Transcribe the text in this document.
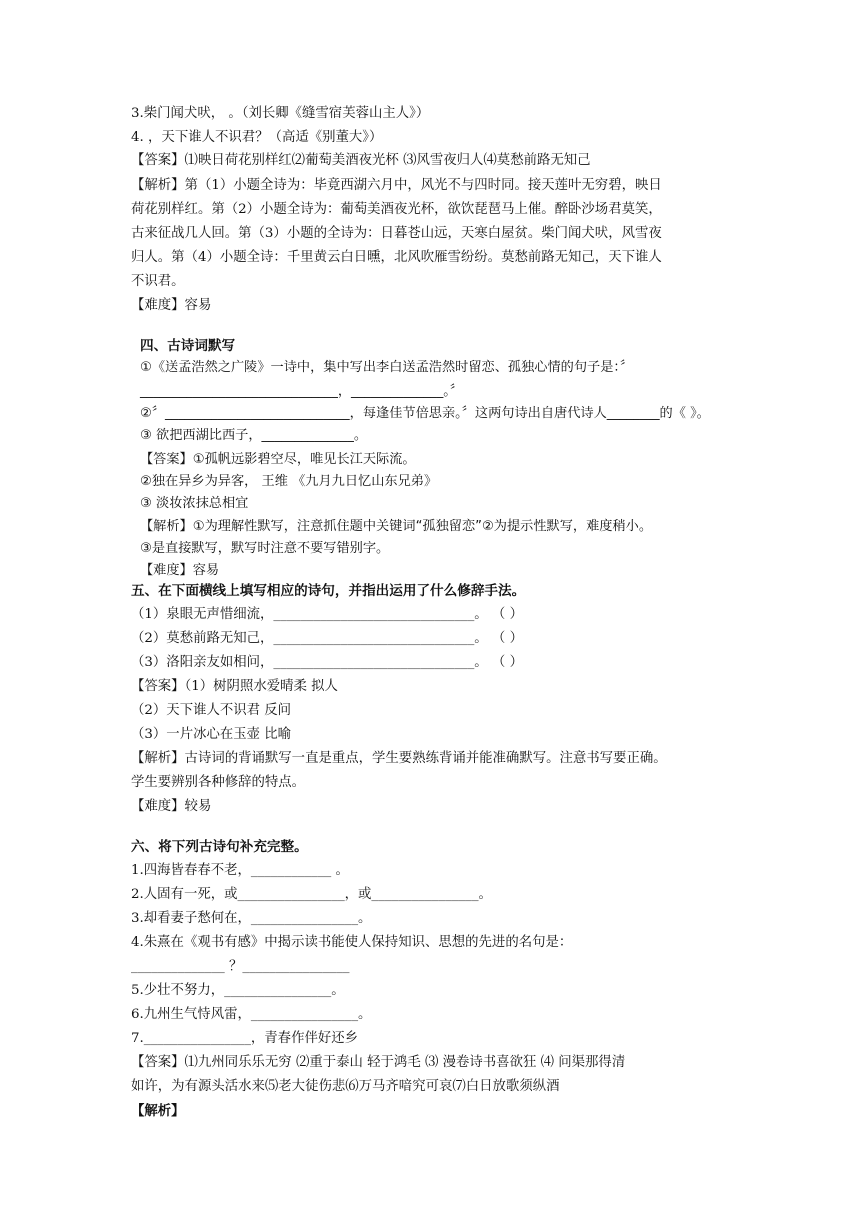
3.柴门闻犬吠， 。（刘长卿《缝雪宿芙蓉山主人》）
4. ，天下谁人不识君？（高适《别董大》）
【答案】⑴映日荷花别样红⑵葡萄美酒夜光杯 ⑶风雪夜归人⑷莫愁前路无知己
【解析】第（1）小题全诗为：毕竟西湖六月中，风光不与四时同。接天莲叶无穷碧，映日
荷花别样红。第（2）小题全诗为：葡萄美酒夜光杯，欲饮琵琶马上催。醉卧沙场君莫笑，
古来征战几人回。第（3）小题的全诗为：日暮苍山远，天寒白屋贫。柴门闻犬吠，风雪夜
归人。第（4）小题全诗：千里黄云白日曛，北风吹雁雪纷纷。莫愁前路无知己，天下谁人
不识君。
【难度】容易
四、古诗词默写
①《送孟浩然之广陵》一诗中，集中写出李白送孟浩然时留恋、孤独心情的句子是：〞
______________________________，______________。〞
②〞____________________________，每逢佳节倍思亲。〞这两句诗出自唐代诗人________的《 》。
③ 欲把西湖比西子，______________。
【答案】①孤帆远影碧空尽，唯见长江天际流。
②独在异乡为异客， 王维 《九月九日忆山东兄弟》
③ 淡妆浓抹总相宜
【解析】①为理解性默写，注意抓住题中关键词“孤独留恋”②为提示性默写，难度稍小。
③是直接默写，默写时注意不要写错别字。
【难度】容易
五、在下面横线上填写相应的诗句，并指出运用了什么修辞手法。
（1）泉眼无声惜细流，______________________________。 （ ）
（2）莫愁前路无知己，______________________________。 （ ）
（3）洛阳亲友如相问，______________________________。 （ ）
【答案】（1）树阴照水爱晴柔 拟人
（2）天下谁人不识君 反问
（3）一片冰心在玉壶 比喻
【解析】古诗词的背诵默写一直是重点，学生要熟练背诵并能准确默写。注意书写要正确。
学生要辨别各种修辞的特点。
【难度】较易
六、将下列古诗句补充完整。
1.四海皆春春不老，____________ 。
2.人固有一死，或________________，或________________。
3.却看妻子愁何在，________________。
4.朱熹在《观书有感》中揭示读书能使人保持知识、思想的先进的名句是：
______________ ？________________
5.少壮不努力，________________。
6.九州生气恃风雷，________________。
7.________________，青春作伴好还乡
【答案】⑴九州同乐乐无穷 ⑵重于泰山 轻于鸿毛 ⑶ 漫卷诗书喜欲狂 ⑷ 问渠那得清
如许，为有源头活水来⑸老大徒伤悲⑹万马齐喑究可哀⑺白日放歌须纵酒
【解析】
